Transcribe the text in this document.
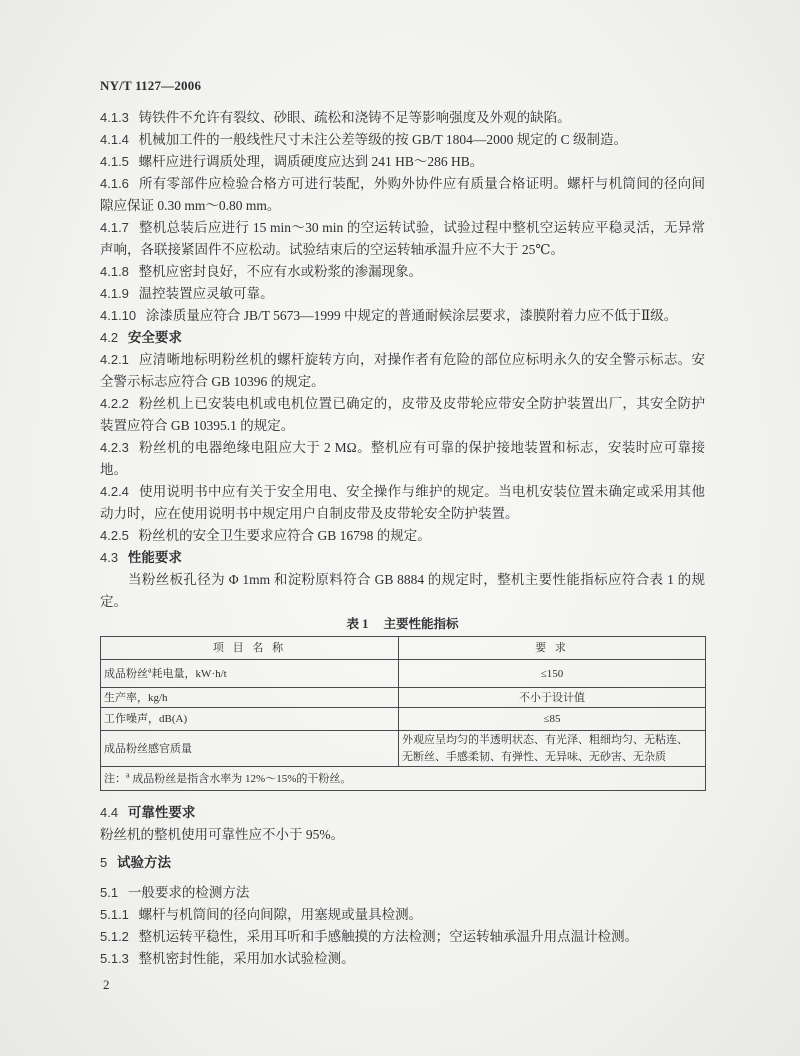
NY/T 1127—2006
4.1.3 铸铁件不允许有裂纹、砂眼、疏松和浇铸不足等影响强度及外观的缺陷。
4.1.4 机械加工件的一般线性尺寸未注公差等级的按 GB/T 1804—2000 规定的 C 级制造。
4.1.5 螺杆应进行调质处理，调质硬度应达到 241 HB～286 HB。
4.1.6 所有零部件应检验合格方可进行装配，外购外协件应有质量合格证明。螺杆与机筒间的径向间
隙应保证 0.30 mm～0.80 mm。
4.1.7 整机总装后应进行 15 min～30 min 的空运转试验，试验过程中整机空运转应平稳灵活，无异常
声响，各联接紧固件不应松动。试验结束后的空运转轴承温升应不大于 25℃。
4.1.8 整机应密封良好，不应有水或粉浆的渗漏现象。
4.1.9 温控装置应灵敏可靠。
4.1.10 涂漆质量应符合 JB/T 5673—1999 中规定的普通耐候涂层要求，漆膜附着力应不低于Ⅱ级。
4.2 安全要求
4.2.1 应清晰地标明粉丝机的螺杆旋转方向，对操作者有危险的部位应标明永久的安全警示标志。安
全警示标志应符合 GB 10396 的规定。
4.2.2 粉丝机上已安装电机或电机位置已确定的，皮带及皮带轮应带安全防护装置出厂，其安全防护
装置应符合 GB 10395.1 的规定。
4.2.3 粉丝机的电器绝缘电阻应大于 2 MΩ。整机应有可靠的保护接地装置和标志，安装时应可靠接
地。
4.2.4 使用说明书中应有关于安全用电、安全操作与维护的规定。当电机安装位置未确定或采用其他
动力时，应在使用说明书中规定用户自制皮带及皮带轮安全防护装置。
4.2.5 粉丝机的安全卫生要求应符合 GB 16798 的规定。
4.3 性能要求
当粉丝板孔径为 Φ 1mm 和淀粉原料符合 GB 8884 的规定时，整机主要性能指标应符合表 1 的规
定。
表 1 主要性能指标
项 目 名 称	要 求
成品粉丝$^a$耗电量，kW·h/t	≤150
生产率，kg/h	不小于设计值
工作噪声，dB(A)	≤85
成品粉丝感官质量	外观应呈均匀的半透明状态、有光泽、粗细均匀、无粘连、
无断丝、手感柔韧、有弹性、无异味、无砂害、无杂质

注：$^a$ 成品粉丝是指含水率为 12%～15%的干粉丝。	
4.4 可靠性要求
粉丝机的整机使用可靠性应不小于 95%。
5 试验方法
5.1 一般要求的检测方法
5.1.1 螺杆与机筒间的径向间隙，用塞规或量具检测。
5.1.2 整机运转平稳性，采用耳听和手感触摸的方法检测；空运转轴承温升用点温计检测。
5.1.3 整机密封性能，采用加水试验检测。
2
